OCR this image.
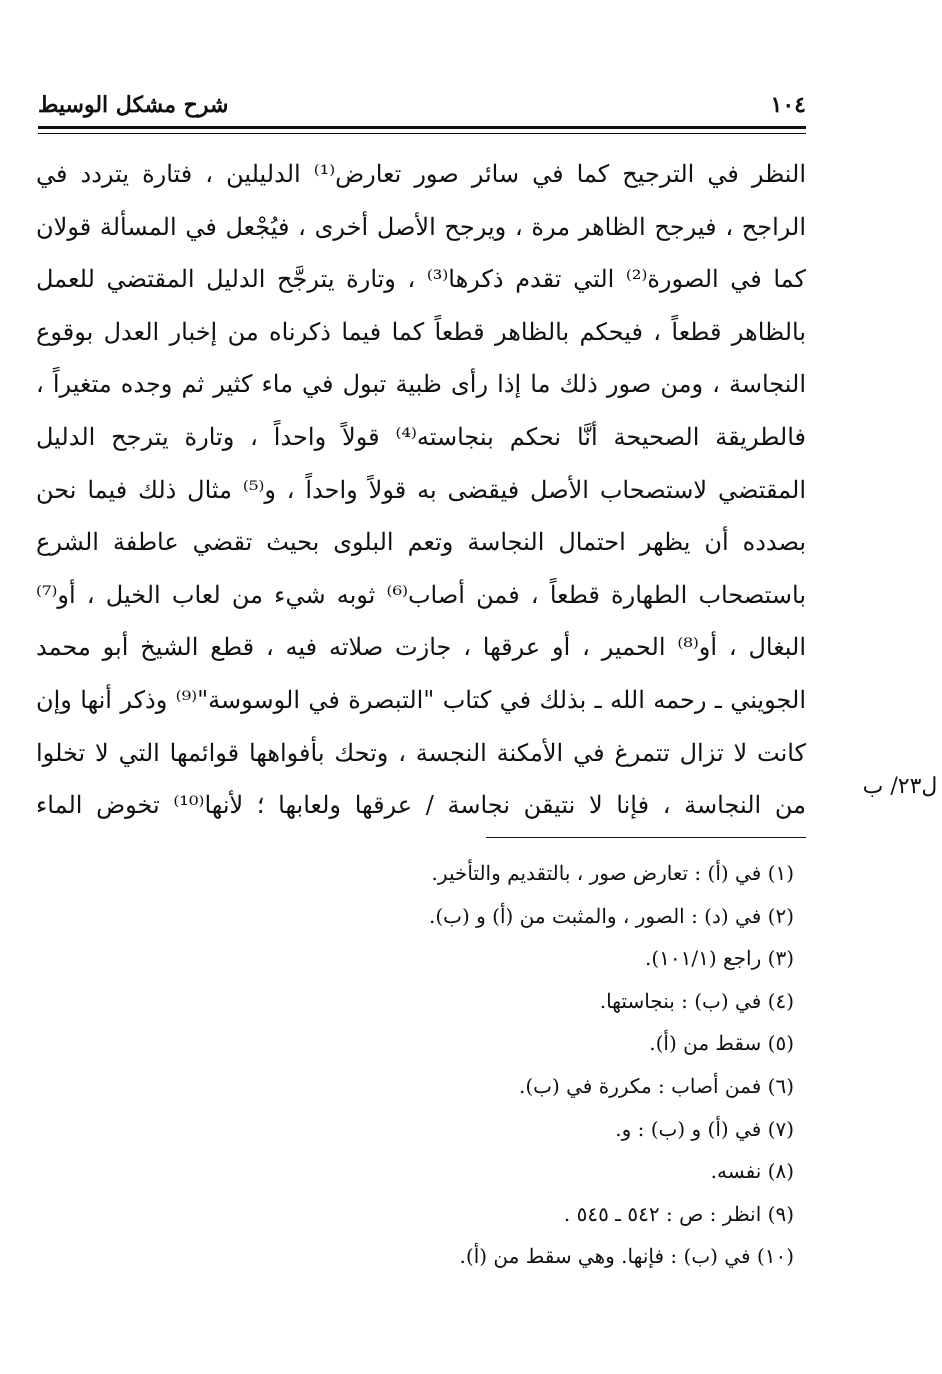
١٠٤
شرح مشكل الوسيط
النظر في الترجيح كما في سائر صور تعارض⁽¹⁾ الدليلين ، فتارة يتردد في
الراجح ، فيرجح الظاهر مرة ، ويرجح الأصل أخرى ، فيُجْعل في المسألة قولان
كما في الصورة⁽²⁾ التي تقدم ذكرها⁽³⁾ ، وتارة يترجَّح الدليل المقتضي للعمل
بالظاهر قطعاً ، فيحكم بالظاهر قطعاً كما فيما ذكرناه من إخبار العدل بوقوع
النجاسة ، ومن صور ذلك ما إذا رأى ظبية تبول في ماء كثير ثم وجده متغيراً ،
فالطريقة الصحيحة أنَّا نحكم بنجاسته⁽⁴⁾ قولاً واحداً ، وتارة يترجح الدليل
المقتضي لاستصحاب الأصل فيقضى به قولاً واحداً ، و⁽⁵⁾ مثال ذلك فيما نحن
بصدده أن يظهر احتمال النجاسة وتعم البلوى بحيث تقضي عاطفة الشرع
باستصحاب الطهارة قطعاً ، فمن أصاب⁽⁶⁾ ثوبه شيء من لعاب الخيل ، أو⁽⁷⁾
البغال ، أو⁽⁸⁾ الحمير ، أو عرقها ، جازت صلاته فيه ، قطع الشيخ أبو محمد
الجويني ـ رحمه الله ـ بذلك في كتاب "التبصرة في الوسوسة"⁽⁹⁾ وذكر أنها وإن
كانت لا تزال تتمرغ في الأمكنة النجسة ، وتحك بأفواهها قوائمها التي لا تخلوا
من النجاسة ، فإنا لا نتيقن نجاسة / عرقها ولعابها ؛ لأنها⁽¹⁰⁾ تخوض الماء
ل٢٣/ ب
(١) في (أ) : تعارض صور ، بالتقديم والتأخير.
(٢) في (د) : الصور ، والمثبت من (أ) و (ب).
(٣) راجع (١٠١/١).
(٤) في (ب) : بنجاستها.
(٥) سقط من (أ).
(٦) فمن أصاب : مكررة في (ب).
(٧) في (أ) و (ب) : و.
(٨) نفسه.
(٩) انظر : ص : ٥٤٢ ـ ٥٤٥ .
(١٠) في (ب) : فإنها. وهي سقط من (أ).
